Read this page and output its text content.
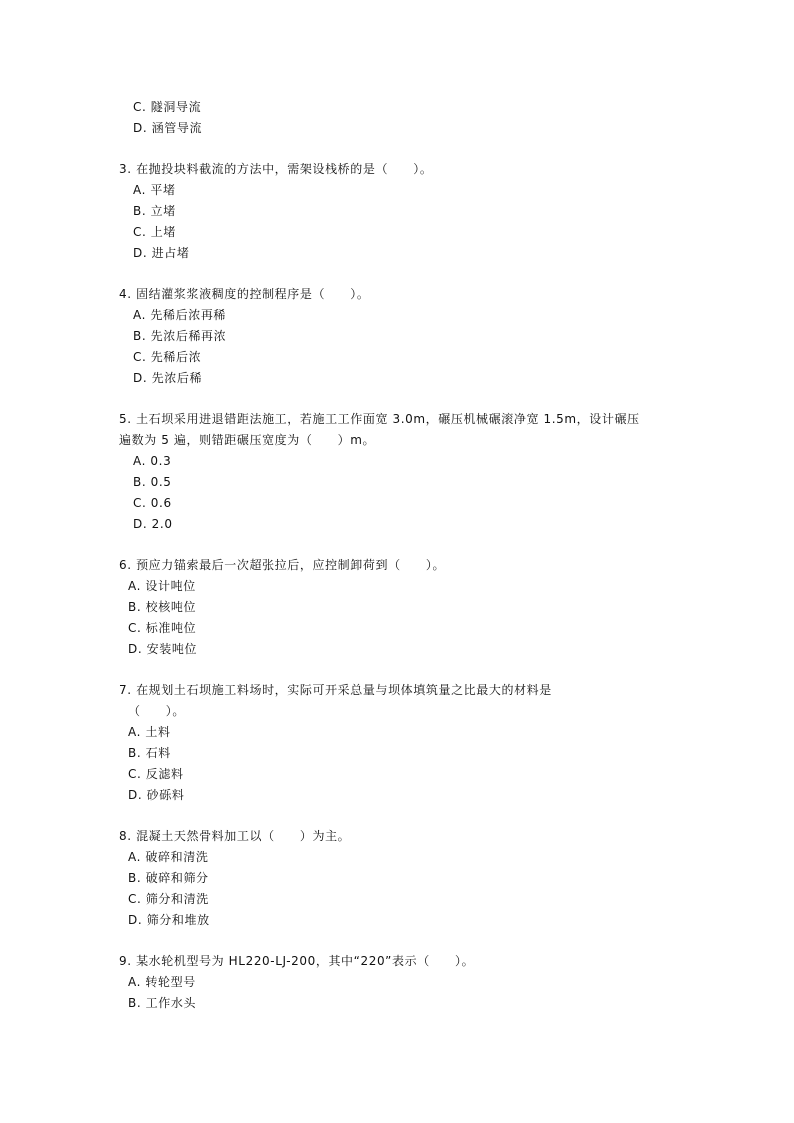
C. 隧洞导流
D. 涵管导流
3. 在抛投块料截流的方法中，需架设栈桥的是（　　）。
A. 平堵
B. 立堵
C. 上堵
D. 进占堵
4. 固结灌浆浆液稠度的控制程序是（　　）。
A. 先稀后浓再稀
B. 先浓后稀再浓
C. 先稀后浓
D. 先浓后稀
5. 土石坝采用进退错距法施工，若施工工作面宽 3.0m，碾压机械碾滚净宽 1.5m，设计碾压
遍数为 5 遍，则错距碾压宽度为（　　）m。
A. 0.3
B. 0.5
C. 0.6
D. 2.0
6. 预应力锚索最后一次超张拉后，应控制卸荷到（　　）。
A. 设计吨位
B. 校核吨位
C. 标准吨位
D. 安装吨位
7. 在规划土石坝施工料场时，实际可开采总量与坝体填筑量之比最大的材料是
（　　）。
A. 土料
B. 石料
C. 反滤料
D. 砂砾料
8. 混凝土天然骨料加工以（　　）为主。
A. 破碎和清洗
B. 破碎和筛分
C. 筛分和清洗
D. 筛分和堆放
9. 某水轮机型号为 HL220-LJ-200，其中“220”表示（　　）。
A. 转轮型号
B. 工作水头
